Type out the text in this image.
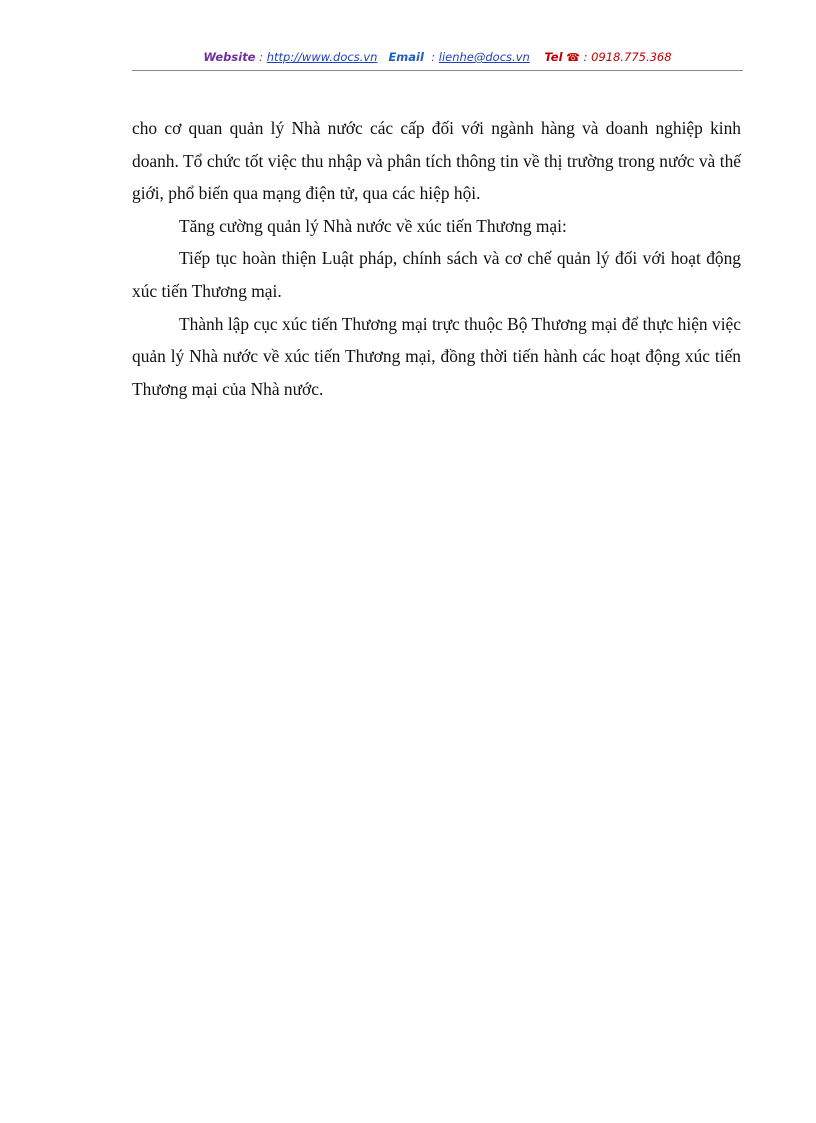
Website : http://www.docs.vn Email  : lienhe@docs.vn Tel ☎ : 0918.775.368

cho cơ quan quản lý Nhà nước các cấp đối với ngành hàng và doanh nghiệp kinh doanh. Tổ chức tốt việc thu nhập và phân tích thông tin về thị trường trong nước và thế giới, phổ biến qua mạng điện tử, qua các hiệp hội.

Tăng cường quản lý Nhà nước về xúc tiến Thương mại:

Tiếp tục hoàn thiện Luật pháp, chính sách và cơ chế quản lý đối với hoạt động xúc tiến Thương mại.

Thành lập cục xúc tiến Thương mại trực thuộc Bộ Thương mại để thực hiện việc quản lý Nhà nước về xúc tiến Thương mại, đồng thời tiến hành các hoạt động xúc tiến Thương mại của Nhà nước.
